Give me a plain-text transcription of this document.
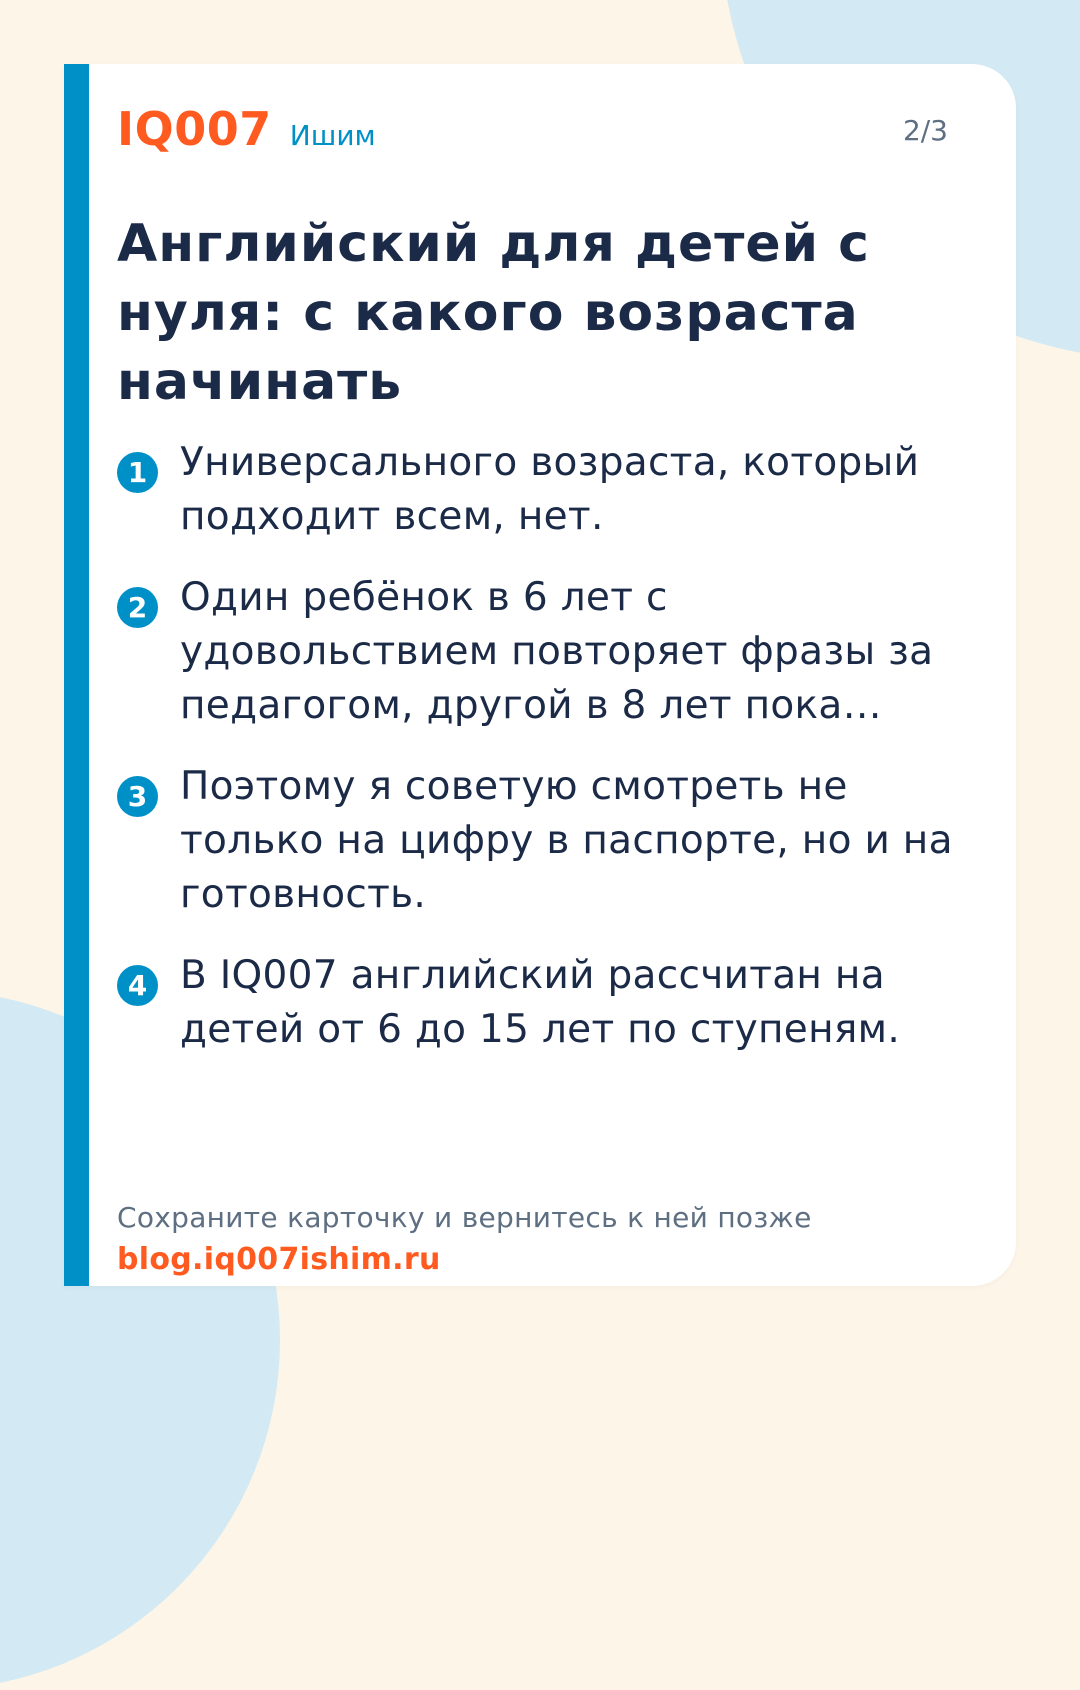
IQ007 Ишим	2/3
Английский для детей с нуля: с какого возраста начинать
1 Универсального возраста, который подходит всем, нет.
2 Один ребёнок в 6 лет с удовольствием повторяет фразы за педагогом, другой в 8 лет пока…
3 Поэтому я советую смотреть не только на цифру в паспорте, но и на готовность.
4 В IQ007 английский рассчитан на детей от 6 до 15 лет по ступеням.
Сохраните карточку и вернитесь к ней позже
blog.iq007ishim.ru
